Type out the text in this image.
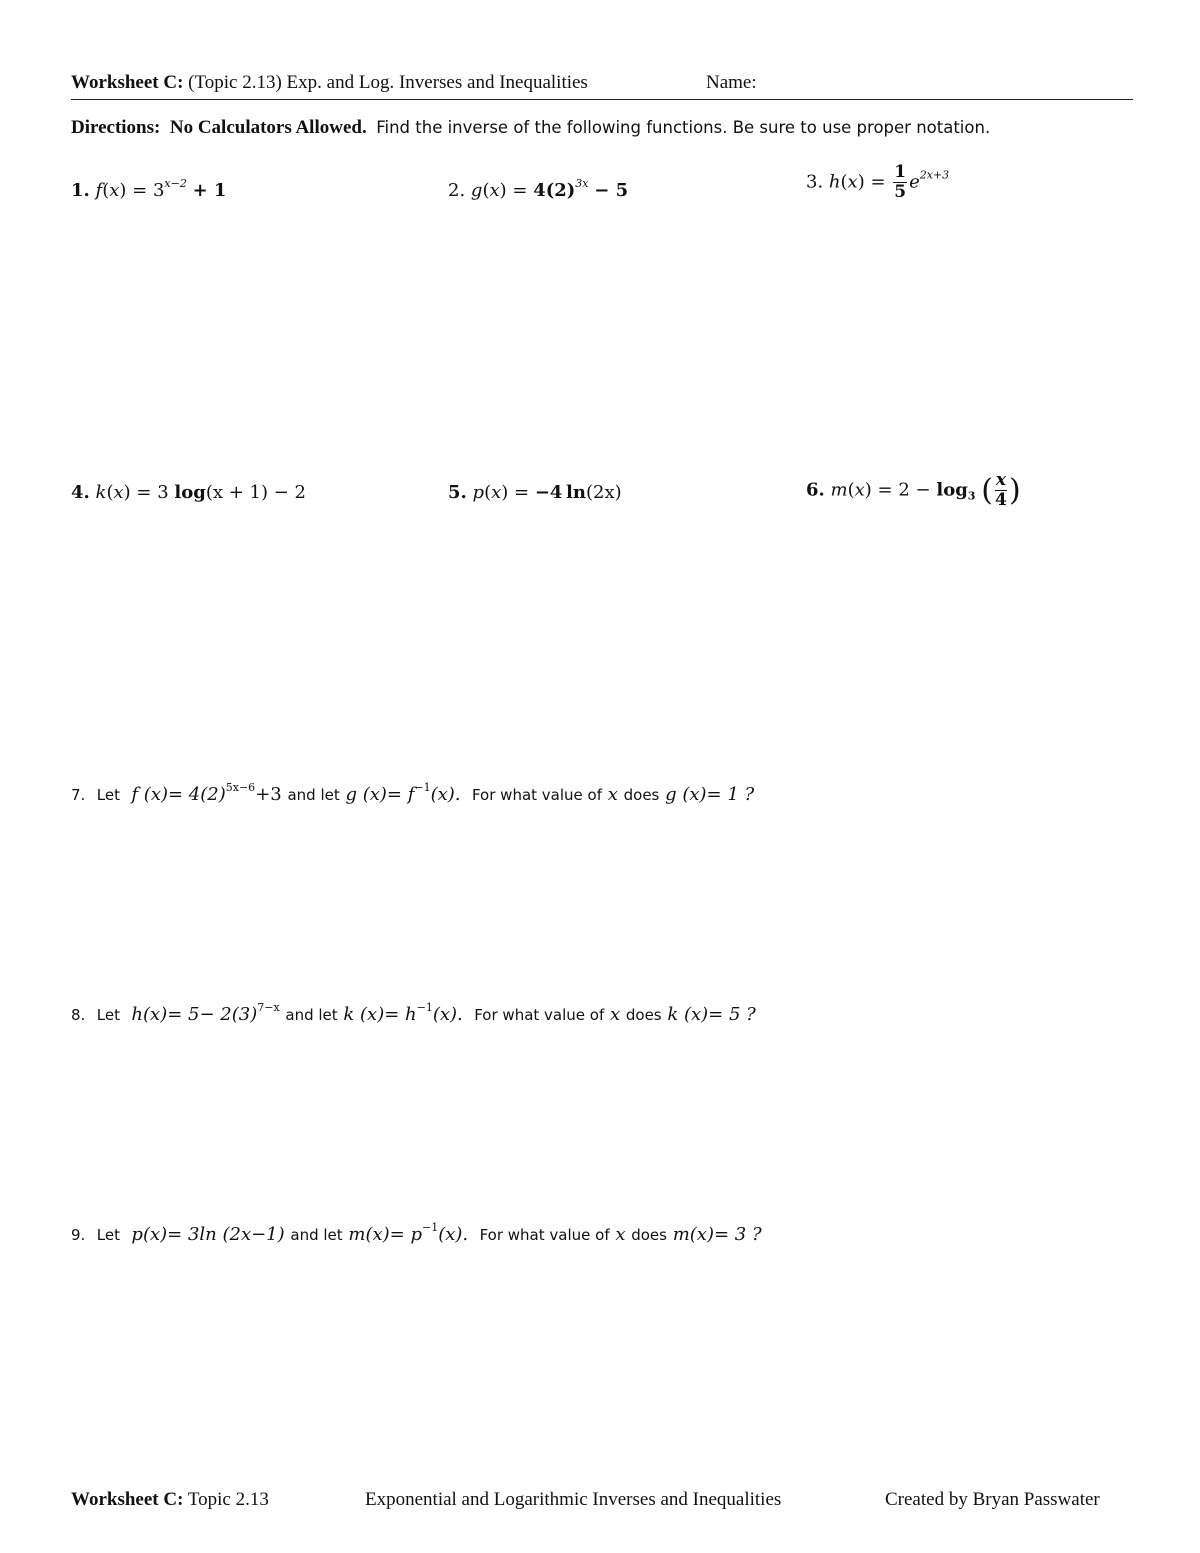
Worksheet C: (Topic 2.13) Exp. and Log. Inverses and Inequalities	Name:
Directions: No Calculators Allowed. Find the inverse of the following functions. Be sure to use proper notation.
1. $f(x) = 3^{x-2} + 1$	2. $g(x) = 4(2)^{3x} - 5$	3. $h(x) = \frac{1}{5} e^{2x+3}$
4. k(x) = 3 log(x + 1) − 2	5. p(x) = −4  ln(2x)	6. $m(x) = 2 - \log_3$ ( $\frac{x}{4}$ )
7. Let f $(x)= 4(2)^{5x-6}+3$ and let g $(x)= f^{-1}(x)$. For what value of x does g (x)= 1 ?
8. Let $h(x)= 5- 2(3)^{7-x}$ and let k $(x)= h^{-1}(x)$. For what value of x does k (x)= 5 ?
9. Let p(x)= 3ln (2x−1) and let $m(x)= p^{-1}(x)$. For what value of x does m(x)= 3 ?
Worksheet C: Topic 2.13	Exponential and Logarithmic Inverses and Inequalities	Created by Bryan Passwater
